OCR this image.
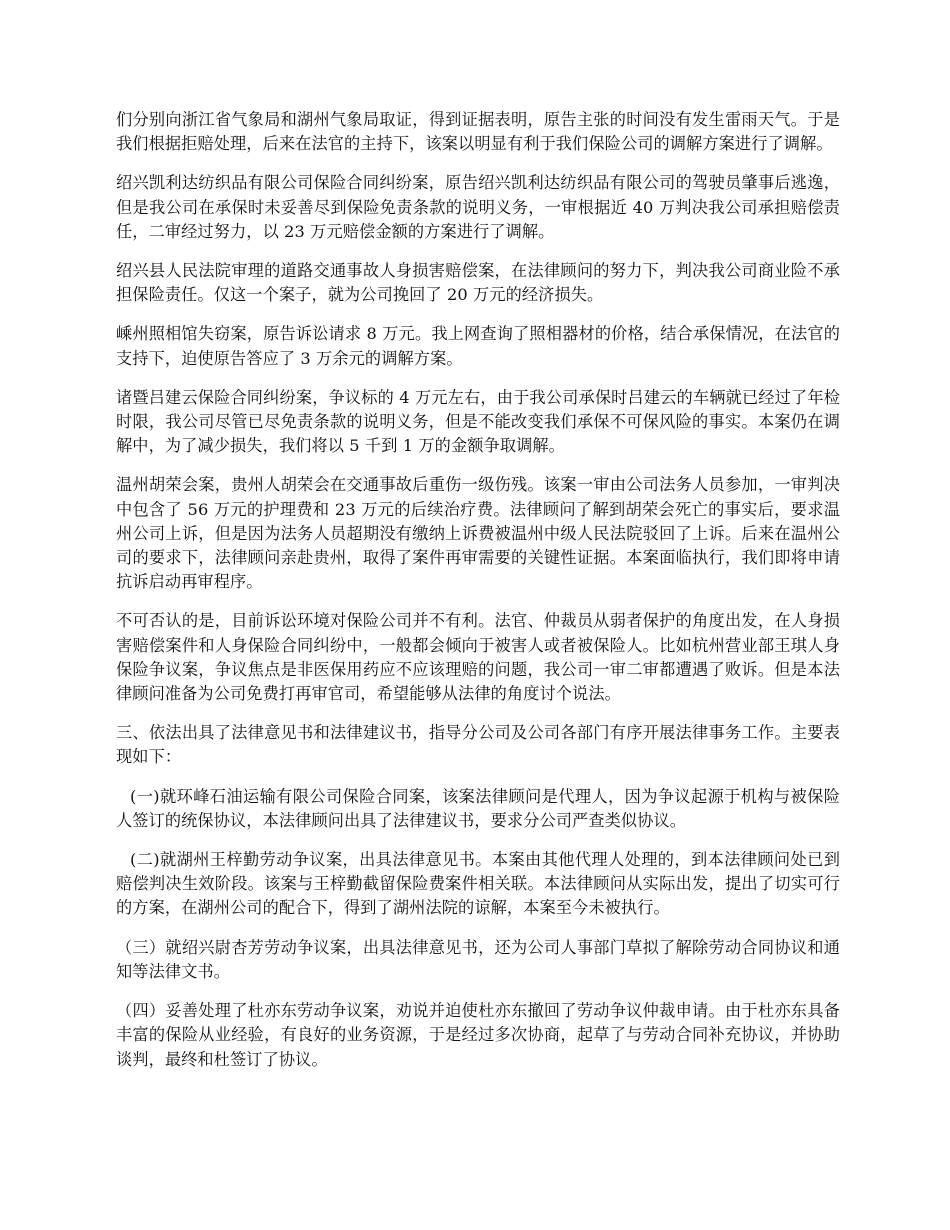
们分别向浙江省气象局和湖州气象局取证，得到证据表明，原告主张的时间没有发生雷雨天气。于是我们根据拒赔处理，后来在法官的主持下，该案以明显有利于我们保险公司的调解方案进行了调解。

绍兴凯利达纺织品有限公司保险合同纠纷案，原告绍兴凯利达纺织品有限公司的驾驶员肇事后逃逸，但是我公司在承保时未妥善尽到保险免责条款的说明义务，一审根据近 40 万判决我公司承担赔偿责任，二审经过努力，以 23 万元赔偿金额的方案进行了调解。

绍兴县人民法院审理的道路交通事故人身损害赔偿案，在法律顾问的努力下，判决我公司商业险不承担保险责任。仅这一个案子，就为公司挽回了 20 万元的经济损失。

嵊州照相馆失窃案，原告诉讼请求 8 万元。我上网查询了照相器材的价格，结合承保情况，在法官的支持下，迫使原告答应了 3 万余元的调解方案。

诸暨吕建云保险合同纠纷案，争议标的 4 万元左右，由于我公司承保时吕建云的车辆就已经过了年检时限，我公司尽管已尽免责条款的说明义务，但是不能改变我们承保不可保风险的事实。本案仍在调解中，为了减少损失，我们将以 5 千到 1 万的金额争取调解。

温州胡荣会案，贵州人胡荣会在交通事故后重伤一级伤残。该案一审由公司法务人员参加，一审判决中包含了 56 万元的护理费和 23 万元的后续治疗费。法律顾问了解到胡荣会死亡的事实后，要求温州公司上诉，但是因为法务人员超期没有缴纳上诉费被温州中级人民法院驳回了上诉。后来在温州公司的要求下，法律顾问亲赴贵州，取得了案件再审需要的关键性证据。本案面临执行，我们即将申请抗诉启动再审程序。

不可否认的是，目前诉讼环境对保险公司并不有利。法官、仲裁员从弱者保护的角度出发，在人身损害赔偿案件和人身保险合同纠纷中，一般都会倾向于被害人或者被保险人。比如杭州营业部王琪人身保险争议案，争议焦点是非医保用药应不应该理赔的问题，我公司一审二审都遭遇了败诉。但是本法律顾问准备为公司免费打再审官司，希望能够从法律的角度讨个说法。

三、依法出具了法律意见书和法律建议书，指导分公司及公司各部门有序开展法律事务工作。主要表现如下：

(一)就环峰石油运输有限公司保险合同案，该案法律顾问是代理人，因为争议起源于机构与被保险人签订的统保协议，本法律顾问出具了法律建议书，要求分公司严查类似协议。

(二)就湖州王梓勤劳动争议案，出具法律意见书。本案由其他代理人处理的，到本法律顾问处已到赔偿判决生效阶段。该案与王梓勤截留保险费案件相关联。本法律顾问从实际出发，提出了切实可行的方案，在湖州公司的配合下，得到了湖州法院的谅解，本案至今未被执行。

（三）就绍兴尉杏芳劳动争议案，出具法律意见书，还为公司人事部门草拟了解除劳动合同协议和通知等法律文书。

（四）妥善处理了杜亦东劳动争议案，劝说并迫使杜亦东撤回了劳动争议仲裁申请。由于杜亦东具备丰富的保险从业经验，有良好的业务资源，于是经过多次协商，起草了与劳动合同补充协议，并协助谈判，最终和杜签订了协议。
